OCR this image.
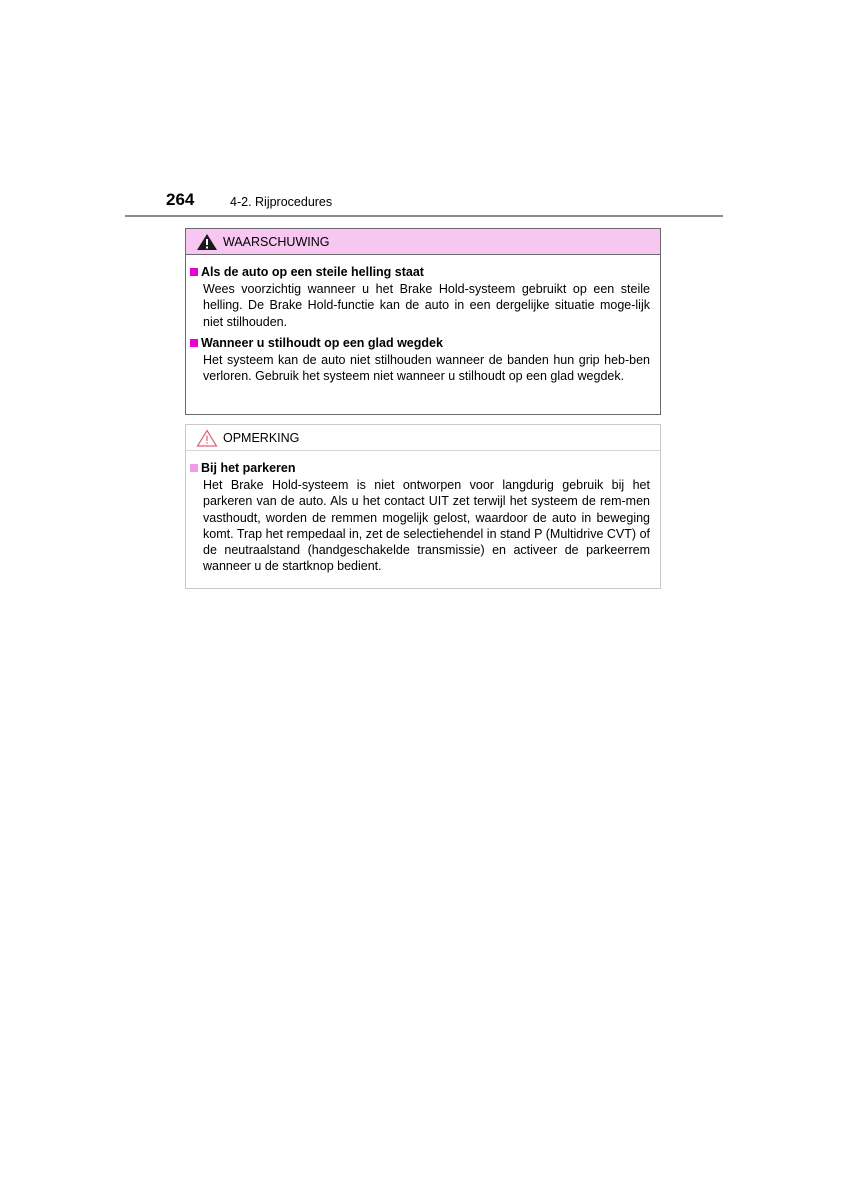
264	4-2. Rijprocedures
WAARSCHUWING
Als de auto op een steile helling staat
Wees voorzichtig wanneer u het Brake Hold-systeem gebruikt op een steile helling. De Brake Hold-functie kan de auto in een dergelijke situatie moge-lijk niet stilhouden.
Wanneer u stilhoudt op een glad wegdek
Het systeem kan de auto niet stilhouden wanneer de banden hun grip heb-ben verloren. Gebruik het systeem niet wanneer u stilhoudt op een glad wegdek.
OPMERKING
Bij het parkeren
Het Brake Hold-systeem is niet ontworpen voor langdurig gebruik bij het parkeren van de auto. Als u het contact UIT zet terwijl het systeem de rem-men vasthoudt, worden de remmen mogelijk gelost, waardoor de auto in beweging komt. Trap het rempedaal in, zet de selectiehendel in stand P (Multidrive CVT) of de neutraalstand (handgeschakelde transmissie) en activeer de parkeerrem wanneer u de startknop bedient.
